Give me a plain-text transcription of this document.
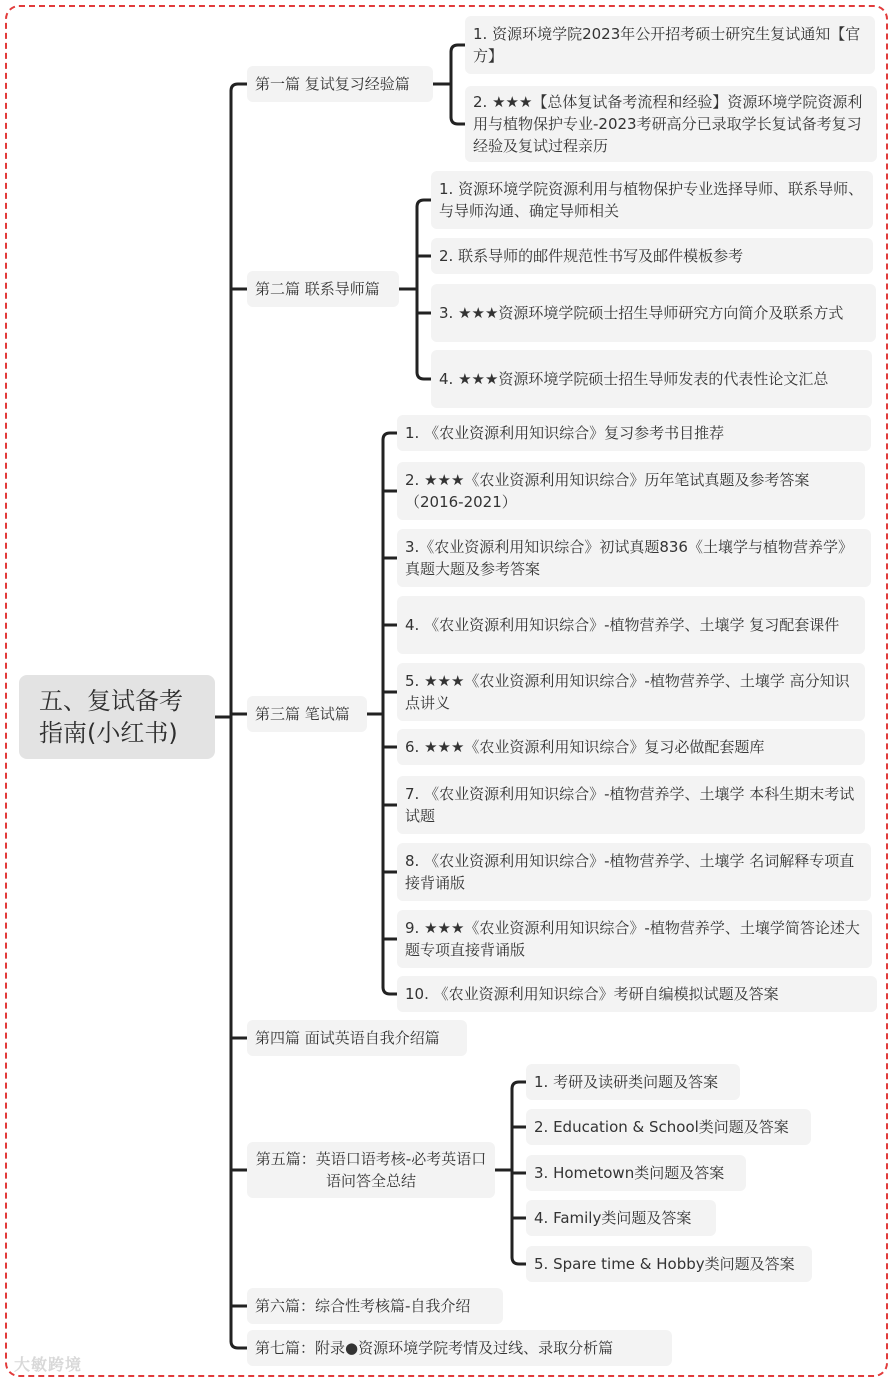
五、复试备考指南(小红书)
第一篇 复试复习经验篇
1. 资源环境学院2023年公开招考硕士研究生复试通知【官方】
2. ★★★【总体复试备考流程和经验】资源环境学院资源利用与植物保护专业-2023考研高分已录取学长复试备考复习经验及复试过程亲历
第二篇 联系导师篇
1. 资源环境学院资源利用与植物保护专业选择导师、联系导师、与导师沟通、确定导师相关
2. 联系导师的邮件规范性书写及邮件模板参考
3. ★★★资源环境学院硕士招生导师研究方向简介及联系方式
4. ★★★资源环境学院硕士招生导师发表的代表性论文汇总
第三篇 笔试篇
1. 《农业资源利用知识综合》复习参考书目推荐
2. ★★★《农业资源利用知识综合》历年笔试真题及参考答案（2016-2021）
3.《农业资源利用知识综合》初试真题836《土壤学与植物营养学》真题大题及参考答案
4. 《农业资源利用知识综合》-植物营养学、土壤学 复习配套课件
5. ★★★《农业资源利用知识综合》-植物营养学、土壤学 高分知识点讲义
6. ★★★《农业资源利用知识综合》复习必做配套题库
7. 《农业资源利用知识综合》-植物营养学、土壤学 本科生期末考试试题
8. 《农业资源利用知识综合》-植物营养学、土壤学 名词解释专项直接背诵版
9. ★★★《农业资源利用知识综合》-植物营养学、土壤学简答论述大题专项直接背诵版
10. 《农业资源利用知识综合》考研自编模拟试题及答案
第四篇 面试英语自我介绍篇
第五篇：英语口语考核-必考英语口语问答全总结
1. 考研及读研类问题及答案
2. Education & School类问题及答案
3. Hometown类问题及答案
4. Family类问题及答案
5. Spare time & Hobby类问题及答案
第六篇：综合性考核篇-自我介绍
第七篇：附录●资源环境学院考情及过线、录取分析篇
大敏跨境
